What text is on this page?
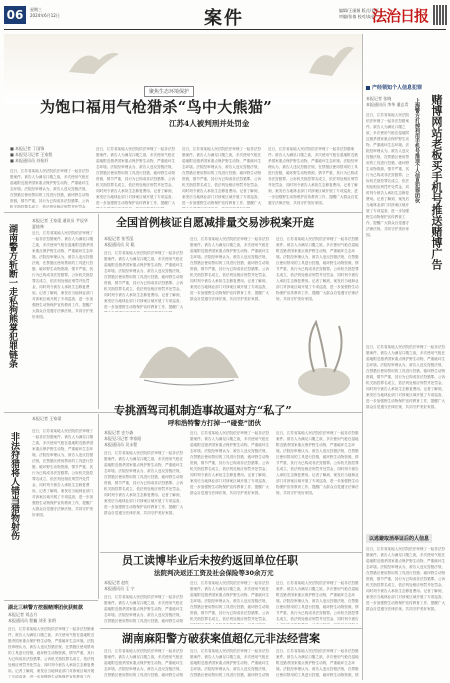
06	星期三
2024年6月12日	案件	编辑/王丽娟 版式/刘亚
审编/张倩 校对/高勇
法治日报
聚焦生态环境保护
为饱口福用气枪猎杀“鸟中大熊猫”
江苏4人被判刑并处罚金
■ 本报记者 丁国锋
■ 本报见习记者 王家程
■ 本报通讯员 苏检轩
近日，江苏省某地人民法院依法审理了一起非法狩猎案件。被告人为满足口腹之欲，多次使用气枪在湿地附近猎杀国家重点保护野生动物，严重破坏生态环境。法院经审理认为，被告人违反狩猎法规，在禁猎区使用禁用的工具进行狩猎，破坏野生动物资源，情节严重，其行为已构成非法狩猎罪。公诉机关指控罪名成立，依法判处相应刑罚并处罚金，
近日，江苏省某地人民法院依法审理了一起非法狩猎案件。被告人为满足口腹之欲，多次使用气枪在湿地附近猎杀国家重点保护野生动物，严重破坏生态环境。法院经审理认为，被告人违反狩猎法规，在禁猎区使用禁用的工具进行狩猎，破坏野生动物资源，情节严重，其行为已构成非法狩猎罪。公诉机关指控罪名成立，依法判处相应刑罚并处罚金，同时判令被告人承担生态修复费用。记者了解到，案发后当地林业部门对涉案区域开展了专项巡查，进一步加强野生动物保护宣传教育工作，提醒广大
近日，江苏省某地人民法院依法审理了一起非法狩猎案件。被告人为满足口腹之欲，多次使用气枪在湿地附近猎杀国家重点保护野生动物，严重破坏生态环境。法院经审理认为，被告人违反狩猎法规，在禁猎区使用禁用的工具进行狩猎，破坏野生动物资源，情节严重，其行为已构成非法狩猎罪。公诉机关指控罪名成立，依法判处相应刑罚并处罚金，同时判令被告人承担生态修复费用。记者了解到，案发后当地林业部门对涉案区域开展了专项巡查，进一步加强野生动物保护宣传教育工作，提醒广大
近日，江苏省某地人民法院依法审理了一起非法狩猎案件。被告人为满足口腹之欲，多次使用气枪在湿地附近猎杀国家重点保护野生动物，严重破坏生态环境。法院经审理认为，被告人违反狩猎法规，在禁猎区使用禁用的工具进行狩猎，破坏野生动物资源，情节严重，其行为已构成非法狩猎罪。公诉机关指控罪名成立，依法判处相应刑罚并处罚金，同时判令被告人承担生态修复费用。记者了解到，案发后当地林业部门对涉案区域开展了专项巡查，进一步加强野生动物保护宣传教育工作，提醒广大群众自觉遵守法律法规，共同守护美好家园。
湖南警方斩断一走私狗熊掌犯罪链条
本报记者 王家梁 通讯员 尹辰华 夏桂林
近日，江苏省某地人民法院依法审理了一起非法狩猎案件。被告人为满足口腹之欲，多次使用气枪在湿地附近猎杀国家重点保护野生动物，严重破坏生态环境。法院经审理认为，被告人违反狩猎法规，在禁猎区使用禁用的工具进行狩猎，破坏野生动物资源，情节严重，其行为已构成非法狩猎罪。公诉机关指控罪名成立，依法判处相应刑罚并处罚金，同时判令被告人承担生态修复费用。记者了解到，案发后当地林业部门对涉案区域开展了专项巡查，进一步加强野生动物保护宣传教育工作，提醒广大群众自觉遵守法律法规，共同守护美好家园。
全国首例核证自愿减排量交易涉税案开庭
本报记者 张雪泓
本报通讯员 吴 聪
近日，江苏省某地人民法院依法审理了一起非法狩猎案件。被告人为满足口腹之欲，多次使用气枪在湿地附近猎杀国家重点保护野生动物，严重破坏生态环境。法院经审理认为，被告人违反狩猎法规，在禁猎区使用禁用的工具进行狩猎，破坏野生动物资源，情节严重，其行为已构成非法狩猎罪。公诉机关指控罪名成立，依法判处相应刑罚并处罚金，同时判令被告人承担生态修复费用。记者了解到，案发后当地林业部门对涉案区域开展了专项巡查，进一步加强野生动物保护宣传教育工作，提醒广大
近日，江苏省某地人民法院依法审理了一起非法狩猎案件。被告人为满足口腹之欲，多次使用气枪在湿地附近猎杀国家重点保护野生动物，严重破坏生态环境。法院经审理认为，被告人违反狩猎法规，在禁猎区使用禁用的工具进行狩猎，破坏野生动物资源，情节严重，其行为已构成非法狩猎罪。公诉机关指控罪名成立，依法判处相应刑罚并处罚金，同时判令被告人承担生态修复费用。记者了解到，案发后当地林业部门对涉案区域开展了专项巡查，进一步加强野生动物保护宣传教育工作，提醒广大群众自觉遵守法律法规，共同守护美好家园。
近日，江苏省某地人民法院依法审理了一起非法狩猎案件。被告人为满足口腹之欲，多次使用气枪在湿地附近猎杀国家重点保护野生动物，严重破坏生态环境。法院经审理认为，被告人违反狩猎法规，在禁猎区使用禁用的工具进行狩猎，破坏野生动物资源，情节严重，其行为已构成非法狩猎罪。公诉机关指控罪名成立，依法判处相应刑罚并处罚金，同时判令被告人承担生态修复费用。记者了解到，案发后当地林业部门对涉案区域开展了专项巡查，进一步加强野生动物保护宣传教育工作，提醒广大群众自觉遵守法律法规，共同守护美好家园。
非法狩猎将人错当猎物射伤
本报记者 王家梁
近日，江苏省某地人民法院依法审理了一起非法狩猎案件。被告人为满足口腹之欲，多次使用气枪在湿地附近猎杀国家重点保护野生动物，严重破坏生态环境。法院经审理认为，被告人违反狩猎法规，在禁猎区使用禁用的工具进行狩猎，破坏野生动物资源，情节严重，其行为已构成非法狩猎罪。公诉机关指控罪名成立，依法判处相应刑罚并处罚金，同时判令被告人承担生态修复费用。记者了解到，案发后当地林业部门对涉案区域开展了专项巡查，进一步加强野生动物保护宣传教育工作，提醒广大群众自觉遵守法律法规，共同守护美好家园。
专挑酒驾司机制造事故逼对方“私了”
呼和浩特警方打掉一“碰瓷”团伙
本报记者 史万森
本报见习记者 李家阳
本报通讯员 吴永程
近日，江苏省某地人民法院依法审理了一起非法狩猎案件。被告人为满足口腹之欲，多次使用气枪在湿地附近猎杀国家重点保护野生动物，严重破坏生态环境。法院经审理认为，被告人违反狩猎法规，在禁猎区使用禁用的工具进行狩猎，破坏野生动物资源，情节严重，其行为已构成非法狩猎罪。公诉机关指控罪名成立，依法判处相应刑罚并处罚金，同时判令被告人承担生态修复费用。记者了解到，案发后当地林业部门对涉案区域开展了专项巡查，进一步加强野生动物保护宣传教育工作，提醒广大群众自觉遵守法律法规，共同守护美好家园。
近日，江苏省某地人民法院依法审理了一起非法狩猎案件。被告人为满足口腹之欲，多次使用气枪在湿地附近猎杀国家重点保护野生动物，严重破坏生态环境。法院经审理认为，被告人违反狩猎法规，在禁猎区使用禁用的工具进行狩猎，破坏野生动物资源，情节严重，其行为已构成非法狩猎罪。公诉机关指控罪名成立，依法判处相应刑罚并处罚金，同时判令被告人承担生态修复费用。记者了解到，案发后当地林业部门对涉案区域开展了专项巡查，进一步加强野生动物保护宣传教育工作，提醒广大群众自觉遵守法律法规，共同守护美好家园。
近日，江苏省某地人民法院依法审理了一起非法狩猎案件。被告人为满足口腹之欲，多次使用气枪在湿地附近猎杀国家重点保护野生动物，严重破坏生态环境。法院经审理认为，被告人违反狩猎法规，在禁猎区使用禁用的工具进行狩猎，破坏野生动物资源，情节严重，其行为已构成非法狩猎罪。公诉机关指控罪名成立，依法判处相应刑罚并处罚金，同时判令被告人承担生态修复费用。记者了解到，案发后当地林业部门对涉案区域开展了专项巡查，进一步加强野生动物保护宣传教育工作，提醒广大群众自觉遵守法律法规，共同守护美好家园。
员工读博毕业后未按约返回单位任职
法院判决返还工资及社会保险等30余万元
本报记者 赵红
本报通讯员 王 宁
近日，江苏省某地人民法院依法审理了一起非法狩猎案件。被告人为满足口腹之欲，多次使用气枪在湿地附近猎杀国家重点保护野生动物，严重破坏生态环境。法院经审理认为，被告人违反狩猎法规，在禁猎区使用禁用的工具进行狩猎，破坏野生动物
近日，江苏省某地人民法院依法审理了一起非法狩猎案件。被告人为满足口腹之欲，多次使用气枪在湿地附近猎杀国家重点保护野生动物，严重破坏生态环境。法院经审理认为，被告人违反狩猎法规，在禁猎区使用禁用的工具进行狩猎，破坏野生动物资源，情节严重，其行为已构成非法狩猎罪。公诉机关指控罪名成立，依法判处相应刑罚并处罚金，
近日，江苏省某地人民法院依法审理了一起非法狩猎案件。被告人为满足口腹之欲，多次使用气枪在湿地附近猎杀国家重点保护野生动物，严重破坏生态环境。法院经审理认为，被告人违反狩猎法规，在禁猎区使用禁用的工具进行狩猎，破坏野生动物资源，情节严重，其行为已构成非法狩猎罪。公诉机关指控罪名成立，依法判处相应刑罚并处罚金，同时判令被告
湖北三峡警方挖掘赌博团伙获赃款
本报记者 刘志月
本报通讯员 程巍 刘亚 张明
近日，江苏省某地人民法院依法审理了一起非法狩猎案件。被告人为满足口腹之欲，多次使用气枪在湿地附近猎杀国家重点保护野生动物，严重破坏生态环境。法院经审理认为，被告人违反狩猎法规，在禁猎区使用禁用的工具进行狩猎，破坏野生动物资源，情节严重，其行为已构成非法狩猎罪。公诉机关指控罪名成立，依法判处相应刑罚并处罚金，同时判令被告人承担生态修复费用。记者了解到，案发后当地林业部门对涉案区域开展了专项巡查，进一步加强野生动物保护宣传教育工作，
湖南麻阳警方破获案值超亿元非法经营案
近日，江苏省某地人民法院依法审理了一起非法狩猎案件。被告人为满足口腹之欲，多次使用气枪在湿地附近猎杀国家重点保护野生动物，严重破坏生态环境。法院经审理认为，被告人违反狩猎法规，在禁猎区使用禁用的工具进行狩猎，破坏野生动物
近日，江苏省某地人民法院依法审理了一起非法狩猎案件。被告人为满足口腹之欲，多次使用气枪在湿地附近猎杀国家重点保护野生动物，严重破坏生态环境。法院经审理认为，被告人违反狩猎法规，在禁猎区使用禁用的工具进行狩猎，破坏野生动物
近日，江苏省某地人民法院依法审理了一起非法狩猎案件。被告人为满足口腹之欲，多次使用气枪在湿地附近猎杀国家重点保护野生动物，严重破坏生态环境。法院经审理认为，被告人违反狩猎法规，在禁猎区使用禁用的工具进行狩猎，破坏野生动物资源，情
产经领知个人信息犯罪
本报记者 张晓
本报通讯员 李华 潘志青 赌博网站老板买手机号推送赌博广告
上海警方打掉利用手机号推送个人信息犯罪团伙
近日，江苏省某地人民法院依法审理了一起非法狩猎案件。被告人为满足口腹之欲，多次使用气枪在湿地附近猎杀国家重点保护野生动物，严重破坏生态环境。法院经审理认为，被告人违反狩猎法规，在禁猎区使用禁用的工具进行狩猎，破坏野生动物资源，情节严重，其行为已构成非法狩猎罪。公诉机关指控罪名成立，依法判处相应刑罚并处罚金，同时判令被告人承担生态修复费用。记者了解到，案发后当地林业部门对涉案区域开展了专项巡查，进一步加强野生动物保护宣传教育工作，提醒广大群众自觉遵守法律法规，共同守护美好家园。
近日，江苏省某地人民法院依法审理了一起非法狩猎案件。被告人为满足口腹之欲，多次使用气枪在湿地附近猎杀国家重点保护野生动物，严重破坏生态环境。法院经审理认为，被告人违反狩猎法规，在禁猎区使用禁用的工具进行狩猎，破坏野生动物资源，情节严重，其行为已构成非法狩猎罪。公诉机关指控罪名成立，依法判处相应刑罚并处罚金，同时判令被告人承担生态修复费用。记者了解到，案发后当地林业部门对涉案区域开展了专项巡查，进一步加强野生动物保护宣传教育工作，提醒广大群众自觉遵守法律法规，共同守护美好家园。
以逃避取消举证后的人信息
近日，江苏省某地人民法院依法审理了一起非法狩猎案件。被告人为满足口腹之欲，多次使用气枪在湿地附近猎杀国家重点保护野生动物，严重破坏生态环境。法院经审理认为，被告人违反狩猎法规，在禁猎区使用禁用的工具进行狩猎，破坏野生动物资源，情节严重，其行为已构成非法狩猎罪。公诉机关指控罪名成立，依法判处相应刑罚并处罚金，同时判令被告人承担生态修复费用。记者了解到，案发后当地林业部门对涉案区域开展了专项巡查，进一步加强野生动物保护宣传教育工作，提醒广大群众自觉遵守法律法规，共同守护美好家园。
